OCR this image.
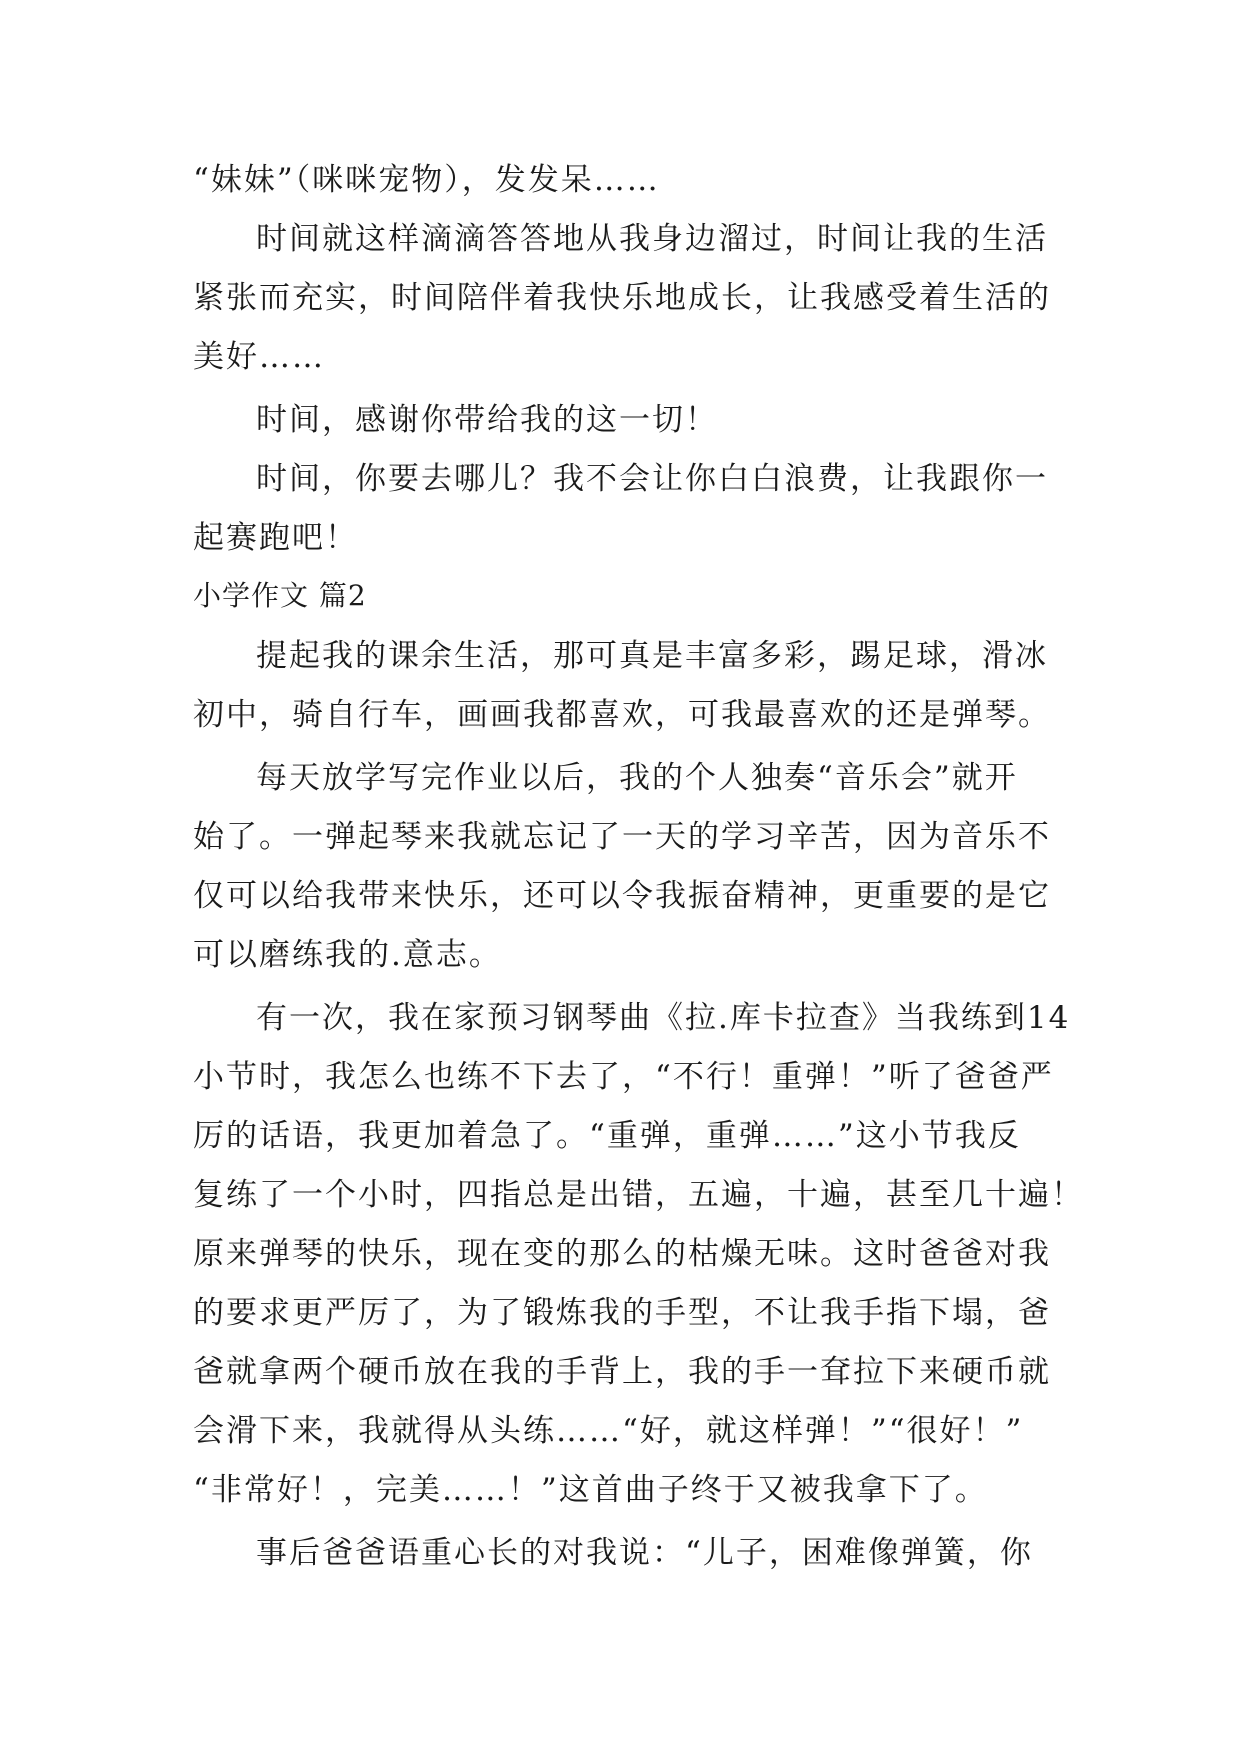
“妹妹”（咪咪宠物），发发呆……
时间就这样滴滴答答地从我身边溜过，时间让我的生活
紧张而充实，时间陪伴着我快乐地成长，让我感受着生活的
美好……
时间，感谢你带给我的这一切！
时间，你要去哪儿？我不会让你白白浪费，让我跟你一
起赛跑吧！
小学作文 篇2
提起我的课余生活，那可真是丰富多彩，踢足球，滑冰
初中，骑自行车，画画我都喜欢，可我最喜欢的还是弹琴。
每天放学写完作业以后，我的个人独奏“音乐会”就开
始了。一弹起琴来我就忘记了一天的学习辛苦，因为音乐不
仅可以给我带来快乐，还可以令我振奋精神，更重要的是它
可以磨练我的.意志。
有一次，我在家预习钢琴曲《拉.库卡拉查》当我练到14
小节时，我怎么也练不下去了，“不行！重弹！”听了爸爸严
厉的话语，我更加着急了。“重弹，重弹……”这小节我反
复练了一个小时，四指总是出错，五遍，十遍，甚至几十遍！
原来弹琴的快乐，现在变的那么的枯燥无味。这时爸爸对我
的要求更严厉了，为了锻炼我的手型，不让我手指下塌，爸
爸就拿两个硬币放在我的手背上，我的手一耷拉下来硬币就
会滑下来，我就得从头练……“好，就这样弹！”“很好！”
“非常好！，完美……！”这首曲子终于又被我拿下了。
事后爸爸语重心长的对我说：“儿子，困难像弹簧，你
